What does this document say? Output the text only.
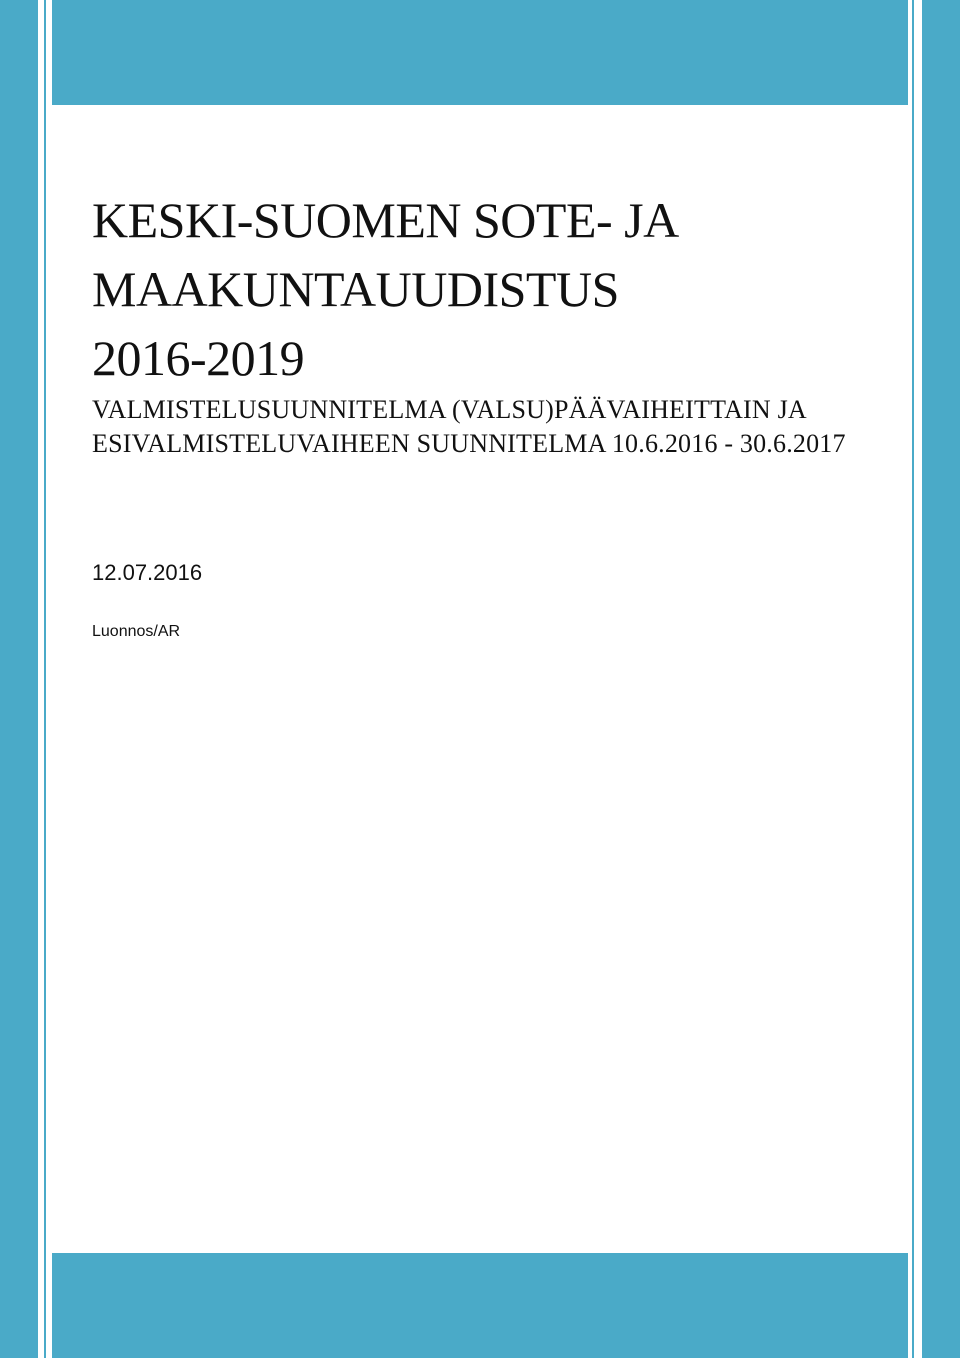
KESKI-SUOMEN SOTE- JA
MAAKUNTAUUDISTUS
2016-2019

VALMISTELUSUUNNITELMA (VALSU)PÄÄVAIHEITTAIN JA ESIVALMISTELUVAIHEEN SUUNNITELMA 10.6.2016 - 30.6.2017

12.07.2016
Luonnos/AR
